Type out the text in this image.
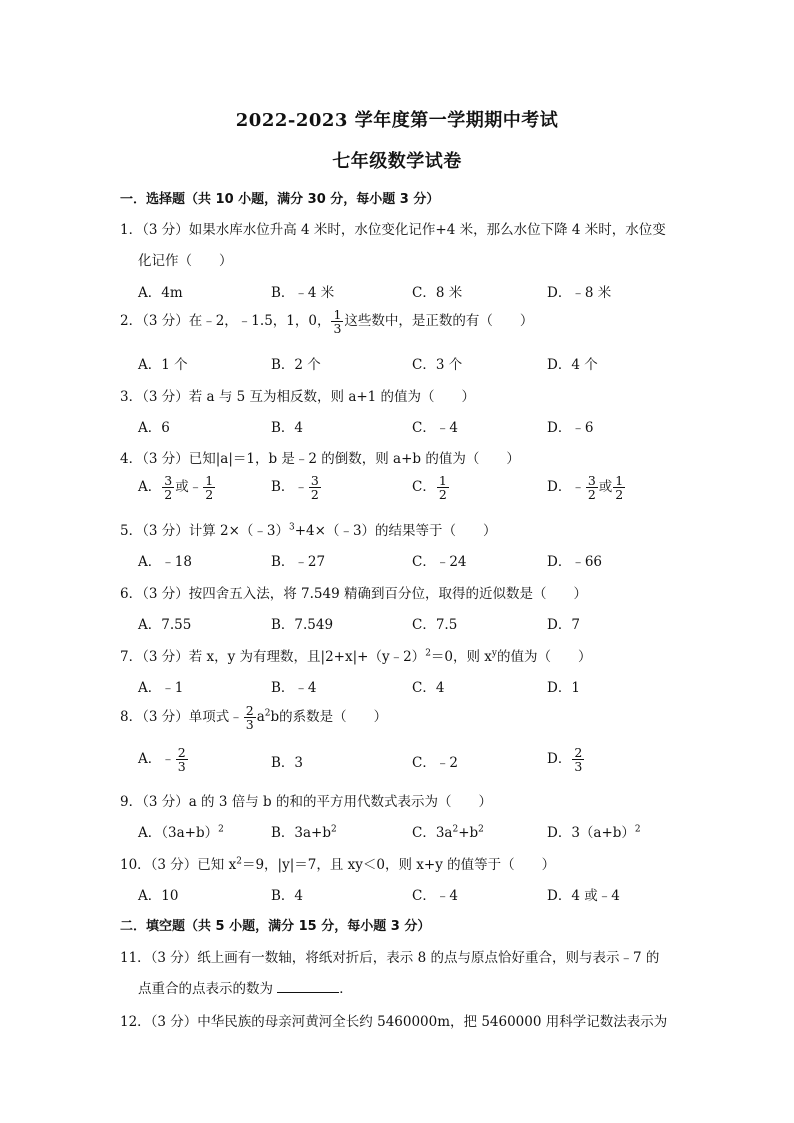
2022-2023 学年度第一学期期中考试
七年级数学试卷
一．选择题（共 10 小题，满分 30 分，每小题 3 分）
1．（3 分）如果水库水位升高 4 米时，水位变化记作+4 米，那么水位下降 4 米时，水位变
化记作（　　）
A．4m	B．﹣4 米	C．8 米	D．﹣8 米
2．（3 分）在﹣2，﹣1.5，1，0， $\frac{1}{3}$ 这些数中，是正数的有（　　）
A．1 个	B．2 个	C．3 个	D．4 个
3．（3 分）若 a 与 5 互为相反数，则 a+1 的值为（　　）
A．6	B．4	C．﹣4	D．﹣6
4．（3 分）已知|a|＝1，b 是﹣2 的倒数，则 a+b 的值为（　　）
A． $\frac{3}{2}$ 或﹣ $\frac{1}{2}$	B．﹣ $\frac{3}{2}$	C． $\frac{1}{2}$	D．﹣ $\frac{3}{2}$ 或 $\frac{1}{2}$
5．（3 分）计算 2×（﹣3）$^3$+4×（﹣3）的结果等于（　　）
A．﹣18	B．﹣27	C．﹣24	D．﹣66
6．（3 分）按四舍五入法，将 7.549 精确到百分位，取得的近似数是（　　）
A．7.55	B．7.549	C．7.5	D．7
7．（3 分）若 x，y 为有理数，且|2+x|+（y﹣2）$^2$＝0，则 $x^y$的值为（　　）
A．﹣1	B．﹣4	C．4	D．1
8．（3 分）单项式﹣ $\frac{2}{3} a^2b$的系数是（　　）
A．﹣ $\frac{2}{3}$	B．3	C．﹣2	D． $\frac{2}{3}$
9．（3 分）a 的 3 倍与 b 的和的平方用代数式表示为（　　）
A．$(3a+b)^2$	B．$3a+b^2$	C．$3a^2+b^2$	D．$3(a+b)^2$
10．（3 分）已知 $x^2=9$，|y|＝7，且 xy＜0，则 x+y 的值等于（　　）
A．10	B．4	C．﹣4	D．4 或﹣4
二．填空题（共 5 小题，满分 15 分，每小题 3 分）
11．（3 分）纸上画有一数轴，将纸对折后，表示 8 的点与原点恰好重合，则与表示﹣7 的
点重合的点表示的数为	．
12．（3 分）中华民族的母亲河黄河全长约 5460000m，把 5460000 用科学记数法表示为
